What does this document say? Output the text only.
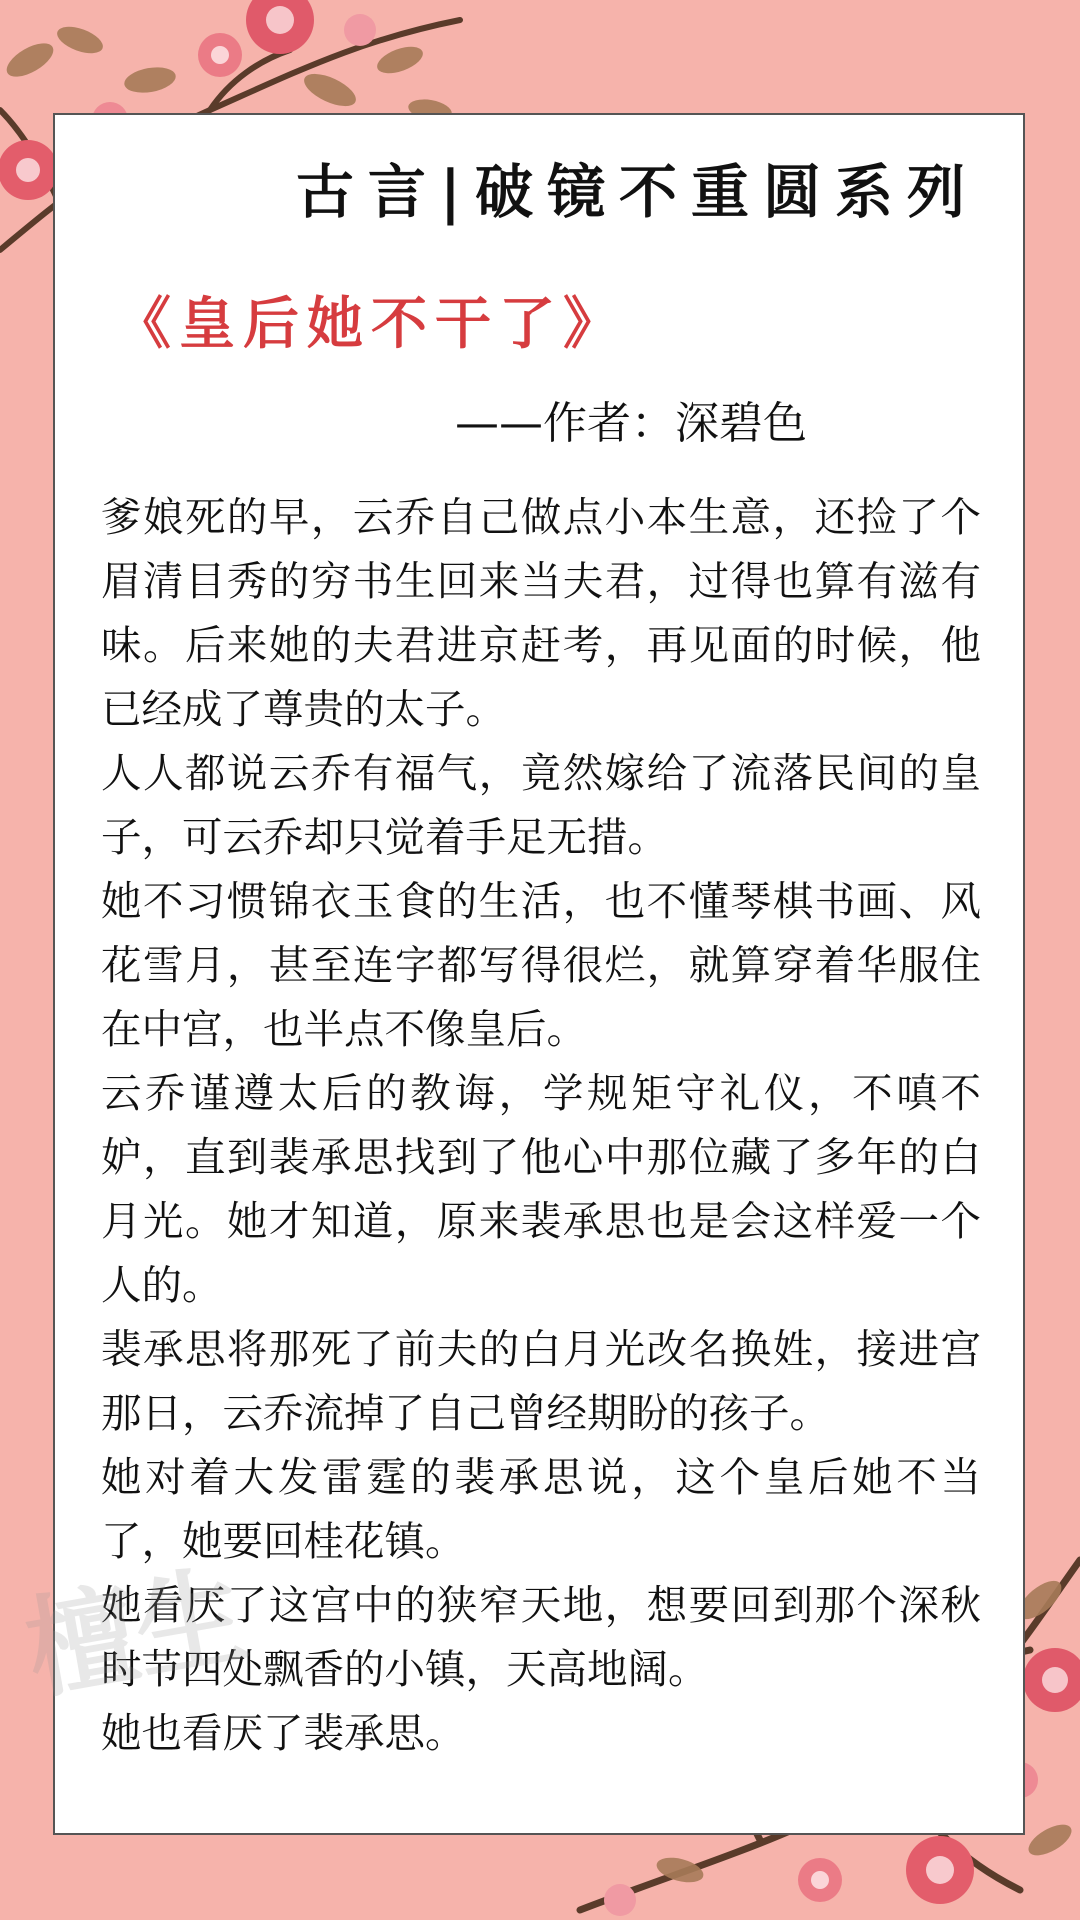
古言|破镜不重圆系列
《皇后她不干了》
——作者：深碧色

爹娘死的早，云乔自己做点小本生意，还捡了个眉清目秀的穷书生回来当夫君，过得也算有滋有味。后来她的夫君进京赶考，再见面的时候，他已经成了尊贵的太子。

人人都说云乔有福气，竟然嫁给了流落民间的皇子，可云乔却只觉着手足无措。

她不习惯锦衣玉食的生活，也不懂琴棋书画、风花雪月，甚至连字都写得很烂，就算穿着华服住在中宫，也半点不像皇后。

云乔谨遵太后的教诲，学规矩守礼仪，不嗔不妒，直到裴承思找到了他心中那位藏了多年的白月光。她才知道，原来裴承思也是会这样爱一个人的。

裴承思将那死了前夫的白月光改名换姓，接进宫那日，云乔流掉了自己曾经期盼的孩子。

她对着大发雷霆的裴承思说，这个皇后她不当了，她要回桂花镇。

她看厌了这宫中的狭窄天地，想要回到那个深秋时节四处飘香的小镇，天高地阔。

她也看厌了裴承思。

檀生
